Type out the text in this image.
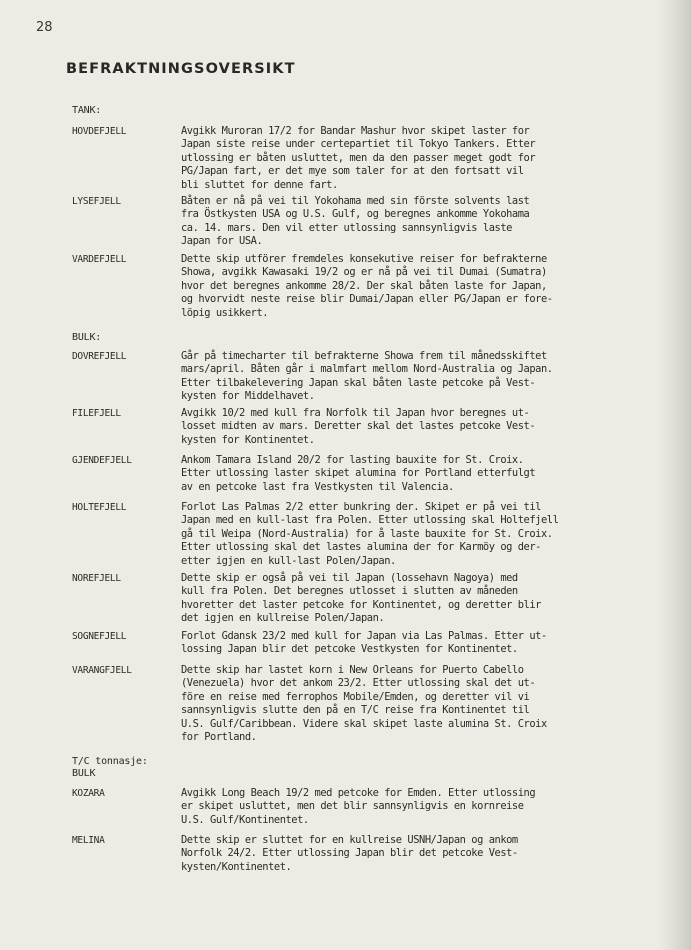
28
BEFRAKTNINGSOVERSIKT
TANK:
HOVDEFJELL	Avgikk Muroran 17/2 for Bandar Mashur hvor skipet laster for
Japan siste reise under certepartiet til Tokyo Tankers. Etter
utlossing er båten usluttet, men da den passer meget godt for
PG/Japan fart, er det mye som taler for at den fortsatt vil
bli sluttet for denne fart.
LYSEFJELL	Båten er nå på vei til Yokohama med sin förste solvents last
fra Östkysten USA og U.S. Gulf, og beregnes ankomme Yokohama
ca. 14. mars. Den vil etter utlossing sannsynligvis laste
Japan for USA.
VARDEFJELL	Dette skip utförer fremdeles konsekutive reiser for befrakterne
Showa, avgikk Kawasaki 19/2 og er nå på vei til Dumai (Sumatra)
hvor det beregnes ankomme 28/2. Der skal båten laste for Japan,
og hvorvidt neste reise blir Dumai/Japan eller PG/Japan er fore-
löpig usikkert.
BULK:
DOVREFJELL	Går på timecharter til befrakterne Showa frem til månedsskiftet
mars/april. Båten går i malmfart mellom Nord-Australia og Japan.
Etter tilbakelevering Japan skal båten laste petcoke på Vest-
kysten for Middelhavet.
FILEFJELL	Avgikk 10/2 med kull fra Norfolk til Japan hvor beregnes ut-
losset midten av mars. Deretter skal det lastes petcoke Vest-
kysten for Kontinentet.
GJENDEFJELL	Ankom Tamara Island 20/2 for lasting bauxite for St. Croix.
Etter utlossing laster skipet alumina for Portland etterfulgt
av en petcoke last fra Vestkysten til Valencia.
HOLTEFJELL	Forlot Las Palmas 2/2 etter bunkring der. Skipet er på vei til
Japan med en kull-last fra Polen. Etter utlossing skal Holtefjell
gå til Weipa (Nord-Australia) for å laste bauxite for St. Croix.
Etter utlossing skal det lastes alumina der for Karmöy og der-
etter igjen en kull-last Polen/Japan.
NOREFJELL	Dette skip er også på vei til Japan (lossehavn Nagoya) med
kull fra Polen. Det beregnes utlosset i slutten av måneden
hvoretter det laster petcoke for Kontinentet, og deretter blir
det igjen en kullreise Polen/Japan.
SOGNEFJELL	Forlot Gdansk 23/2 med kull for Japan via Las Palmas. Etter ut-
lossing Japan blir det petcoke Vestkysten for Kontinentet.
VARANGFJELL	Dette skip har lastet korn i New Orleans for Puerto Cabello
(Venezuela) hvor det ankom 23/2. Etter utlossing skal det ut-
före en reise med ferrophos Mobile/Emden, og deretter vil vi
sannsynligvis slutte den på en T/C reise fra Kontinentet til
U.S. Gulf/Caribbean. Videre skal skipet laste alumina St. Croix
for Portland.
T/C tonnasje:
BULK
KOZARA	Avgikk Long Beach 19/2 med petcoke for Emden. Etter utlossing
er skipet usluttet, men det blir sannsynligvis en kornreise
U.S. Gulf/Kontinentet.
MELINA	Dette skip er sluttet for en kullreise USNH/Japan og ankom
Norfolk 24/2. Etter utlossing Japan blir det petcoke Vest-
kysten/Kontinentet.
